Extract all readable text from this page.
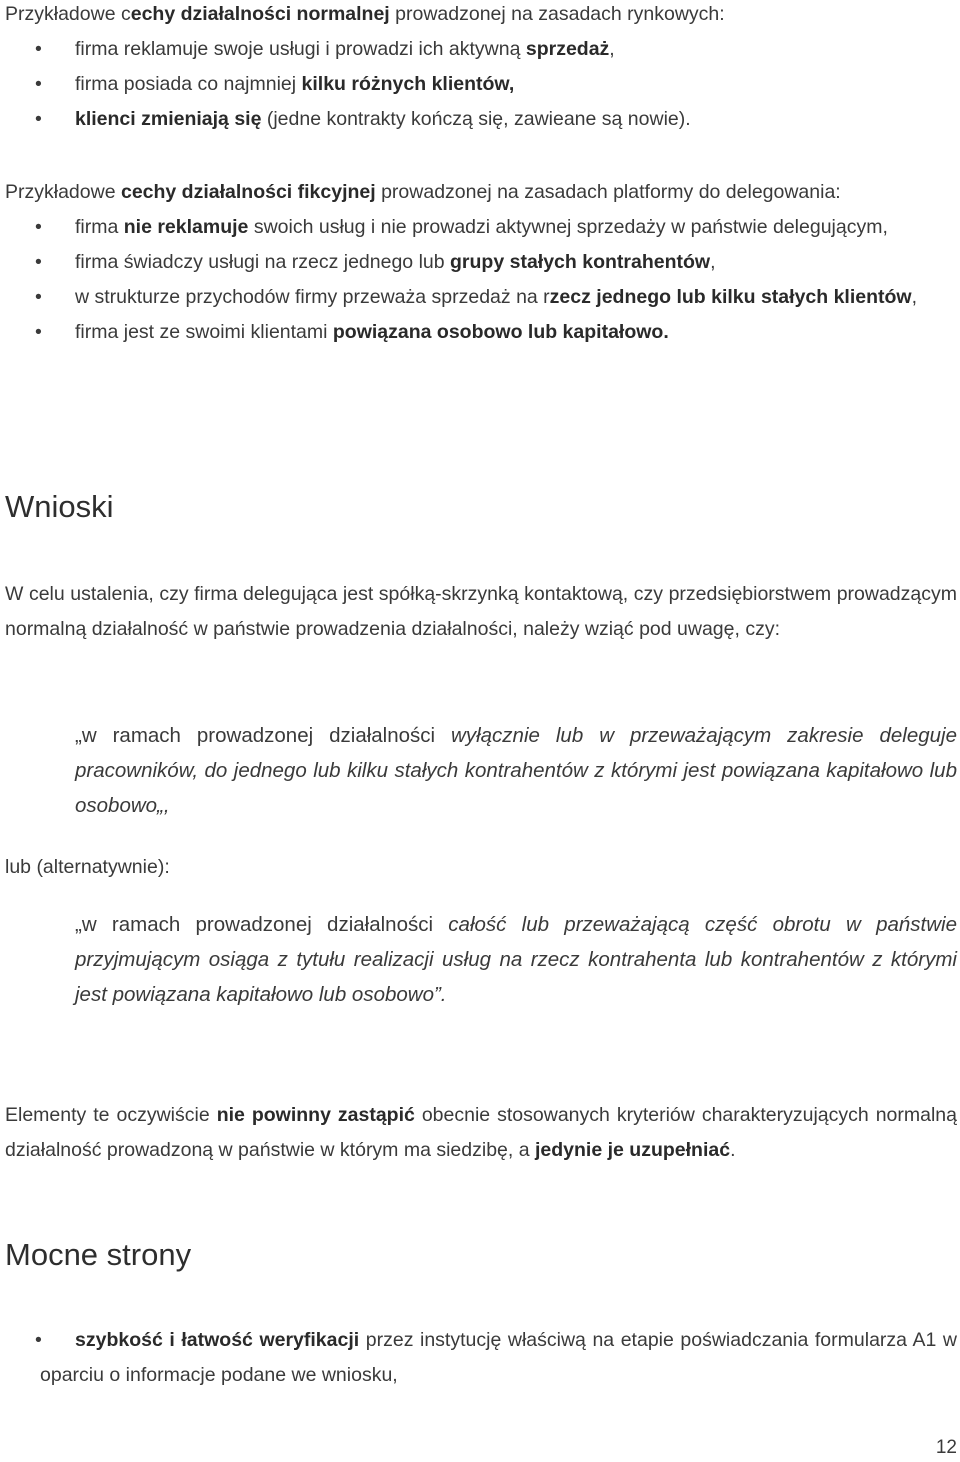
Przykładowe cechy działalności normalnej prowadzonej na zasadach rynkowych:

• firma reklamuje swoje usługi i prowadzi ich aktywną sprzedaż,

• firma posiada co najmniej kilku różnych klientów,

• klienci zmieniają się (jedne kontrakty kończą się, zawieane są nowie).

Przykładowe cechy działalności fikcyjnej prowadzonej na zasadach platformy do delegowania:

• firma nie reklamuje swoich usług i nie prowadzi aktywnej sprzedaży w państwie delegującym,

• firma świadczy usługi na rzecz jednego lub grupy stałych kontrahentów,

• w strukturze przychodów firmy przeważa sprzedaż na rzecz jednego lub kilku stałych klientów,

• firma jest ze swoimi klientami powiązana osobowo lub kapitałowo.

Wnioski

W celu ustalenia, czy firma delegująca jest spółką-skrzynką kontaktową, czy przedsiębiorstwem prowadzącym normalną działalność w państwie prowadzenia działalności, należy wziąć pod uwagę, czy:

„w ramach prowadzonej działalności wyłącznie lub w przeważającym zakresie deleguje pracowników, do jednego lub kilku stałych kontrahentów z którymi jest powiązana kapitałowo lub osobowo„,

lub (alternatywnie):

„w ramach prowadzonej działalności całość lub przeważającą część obrotu w państwie przyjmującym osiąga z tytułu realizacji usług na rzecz kontrahenta lub kontrahentów z którymi jest powiązana kapitałowo lub osobowo”.

Elementy te oczywiście nie powinny zastąpić obecnie stosowanych kryteriów charakteryzujących normalną działalność prowadzoną w państwie w którym ma siedzibę, a jedynie je uzupełniać.

Mocne strony

• szybkość i łatwość weryfikacji przez instytucję właściwą na etapie poświadczania formularza A1 w oparciu o informacje podane we wniosku,

12
